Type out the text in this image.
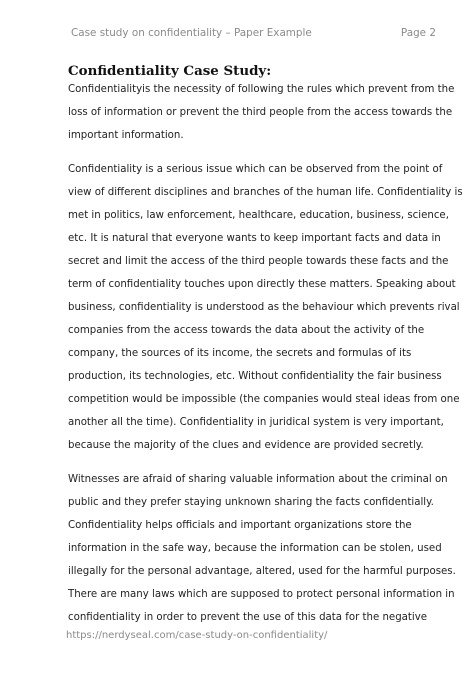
Case study on confidentiality – Paper Example	Page 2
Confidentiality Case Study:

Confidentialityis the necessity of following the rules which prevent from the
loss of information or prevent the third people from the access towards the
important information.

Confidentiality is a serious issue which can be observed from the point of
view of different disciplines and branches of the human life. Confidentiality is
met in politics, law enforcement, healthcare, education, business, science,
etc. It is natural that everyone wants to keep important facts and data in
secret and limit the access of the third people towards these facts and the
term of confidentiality touches upon directly these matters. Speaking about
business, confidentiality is understood as the behaviour which prevents rival
companies from the access towards the data about the activity of the
company, the sources of its income, the secrets and formulas of its
production, its technologies, etc. Without confidentiality the fair business
competition would be impossible (the companies would steal ideas from one
another all the time). Confidentiality in juridical system is very important,
because the majority of the clues and evidence are provided secretly.

Witnesses are afraid of sharing valuable information about the criminal on
public and they prefer staying unknown sharing the facts confidentially.
Confidentiality helps officials and important organizations store the
information in the safe way, because the information can be stolen, used
illegally for the personal advantage, altered, used for the harmful purposes.
There are many laws which are supposed to protect personal information in
confidentiality in order to prevent the use of this data for the negative

https://nerdyseal.com/case-study-on-confidentiality/
